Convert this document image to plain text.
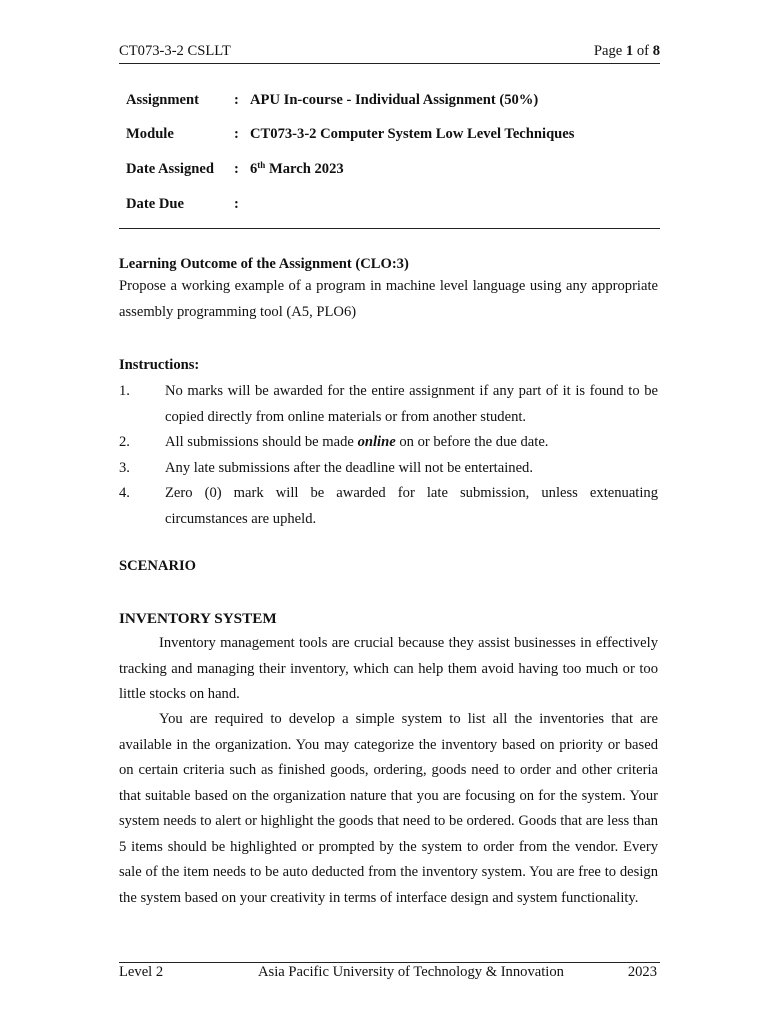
CT073-3-2 CSLLT	Page 1 of 8
Assignment : APU In-course - Individual Assignment (50%)
Module	: CT073-3-2 Computer System Low Level Techniques
Date Assigned : 6th March 2023
Date Due	:
Learning Outcome of the Assignment (CLO:3)
Propose a working example of a program in machine level language using any appropriate assembly programming tool (A5, PLO6)
Instructions:
1. No marks will be awarded for the entire assignment if any part of it is found to be copied directly from online materials or from another student.
2. All submissions should be made online on or before the due date.
3. Any late submissions after the deadline will not be entertained.
4. Zero (0) mark will be awarded for late submission, unless extenuating circumstances are upheld.
SCENARIO
INVENTORY SYSTEM
Inventory management tools are crucial because they assist businesses in effectively tracking and managing their inventory, which can help them avoid having too much or too little stocks on hand.
You are required to develop a simple system to list all the inventories that are available in the organization. You may categorize the inventory based on priority or based on certain criteria such as finished goods, ordering, goods need to order and other criteria that suitable based on the organization nature that you are focusing on for the system. Your system needs to alert or highlight the goods that need to be ordered. Goods that are less than 5 items should be highlighted or prompted by the system to order from the vendor. Every sale of the item needs to be auto deducted from the inventory system. You are free to design the system based on your creativity in terms of interface design and system functionality.
Level 2	Asia Pacific University of Technology & Innovation	2023
